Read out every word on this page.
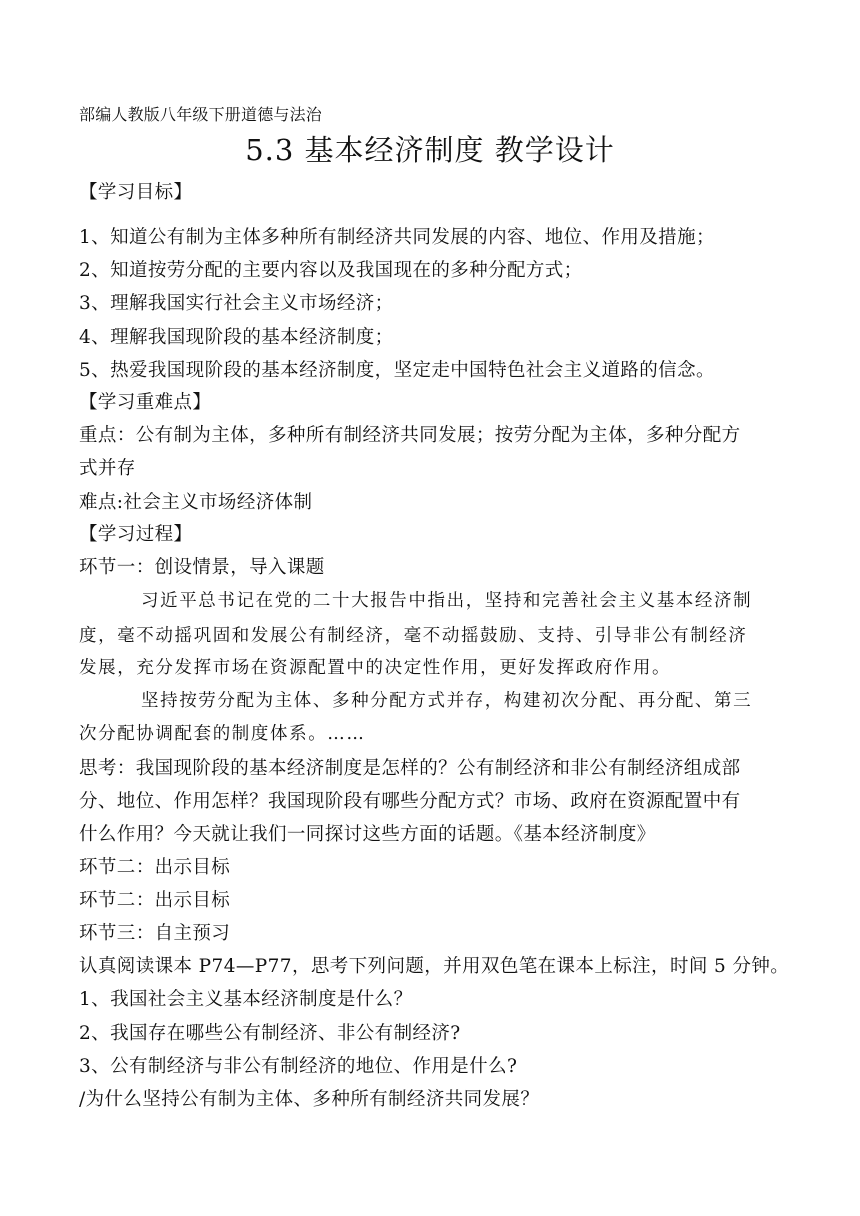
部编人教版八年级下册道德与法治
5.3 基本经济制度 教学设计
【学习目标】
1、知道公有制为主体多种所有制经济共同发展的内容、地位、作用及措施；
2、知道按劳分配的主要内容以及我国现在的多种分配方式；
3、理解我国实行社会主义市场经济；
4、理解我国现阶段的基本经济制度；
5、热爱我国现阶段的基本经济制度，坚定走中国特色社会主义道路的信念。
【学习重难点】
重点：公有制为主体，多种所有制经济共同发展；按劳分配为主体，多种分配方
式并存
难点:社会主义市场经济体制
【学习过程】
环节一：创设情景，导入课题
习近平总书记在党的二十大报告中指出，坚持和完善社会主义基本经济制
度，毫不动摇巩固和发展公有制经济，毫不动摇鼓励、支持、引导非公有制经济
发展，充分发挥市场在资源配置中的决定性作用，更好发挥政府作用。
坚持按劳分配为主体、多种分配方式并存，构建初次分配、再分配、第三
次分配协调配套的制度体系。……
思考：我国现阶段的基本经济制度是怎样的？公有制经济和非公有制经济组成部
分、地位、作用怎样？我国现阶段有哪些分配方式？市场、政府在资源配置中有
什么作用？今天就让我们一同探讨这些方面的话题。《基本经济制度》
环节二：出示目标
环节二：出示目标
环节三：自主预习
认真阅读课本 P74—P77，思考下列问题，并用双色笔在课本上标注，时间 5 分钟。
1、我国社会主义基本经济制度是什么？
2、我国存在哪些公有制经济、非公有制经济?
3、公有制经济与非公有制经济的地位、作用是什么?
/为什么坚持公有制为主体、多种所有制经济共同发展？
